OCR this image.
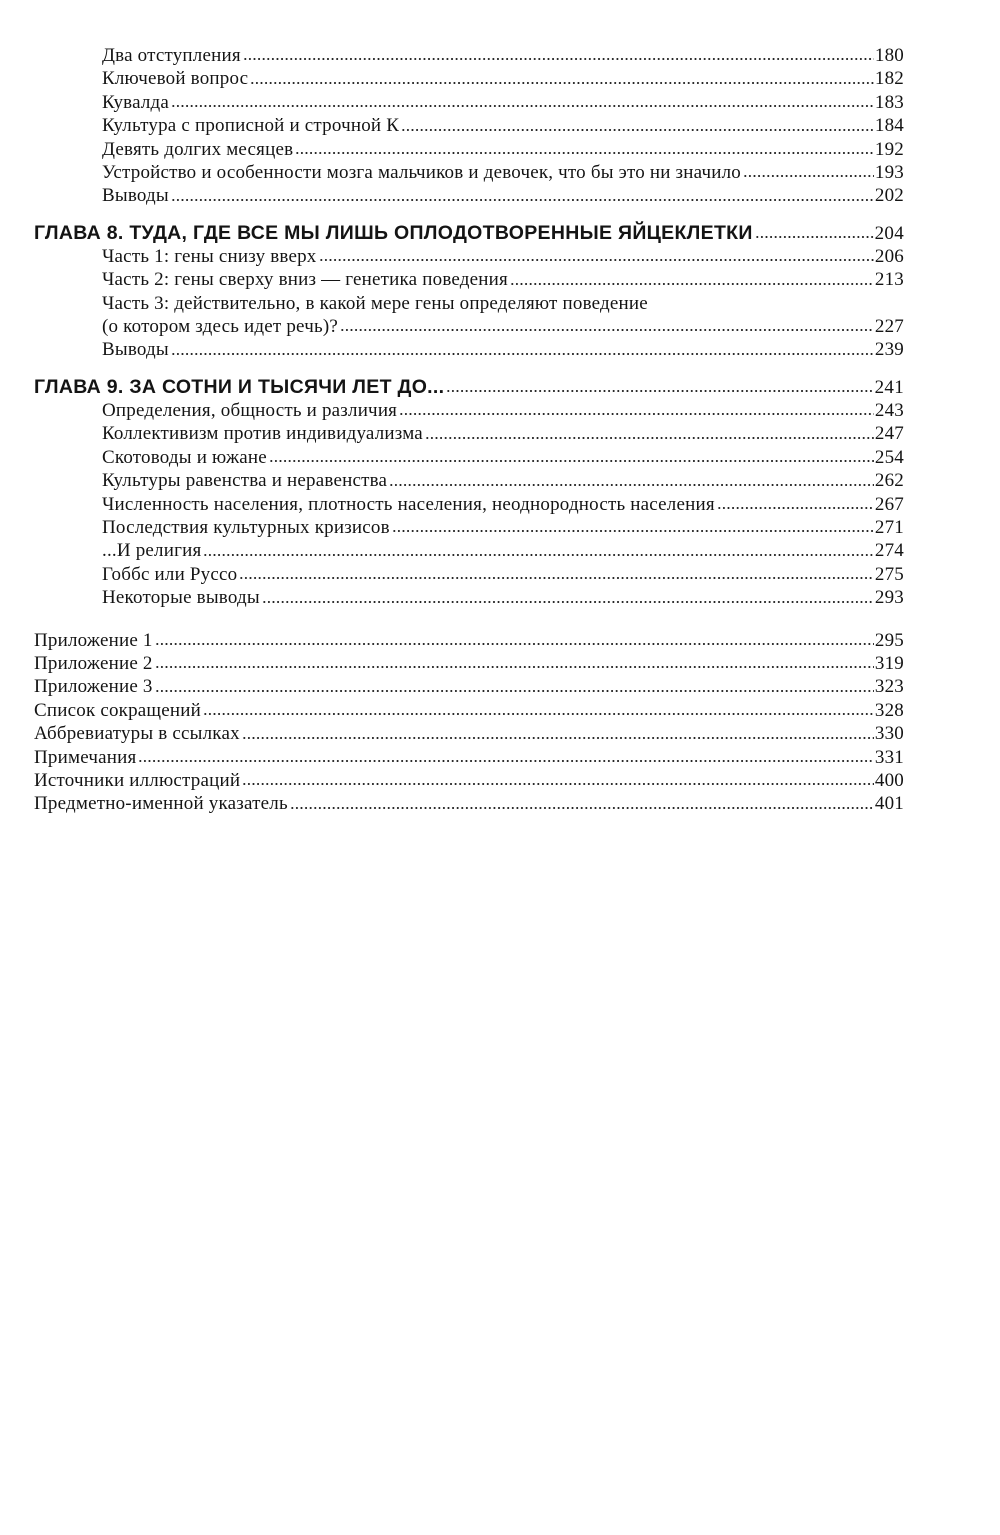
Два отступления	180
Ключевой вопрос	182
Кувалда	183
Культура с прописной и строчной К	184
Девять долгих месяцев	192
Устройство и особенности мозга мальчиков и девочек, что бы это ни значило	193
Выводы	202
ГЛАВА 8. ТУДА, ГДЕ ВСЕ МЫ ЛИШЬ ОПЛОДОТВОРЕННЫЕ ЯЙЦЕКЛЕТКИ	204
Часть 1: гены снизу вверх	206
Часть 2: гены сверху вниз — генетика поведения	213
Часть 3: действительно, в какой мере гены определяют поведение
(о котором здесь идет речь)?	227
Выводы	239
ГЛАВА 9. ЗА СОТНИ И ТЫСЯЧИ ЛЕТ ДО...	241
Определения, общность и различия	243
Коллективизм против индивидуализма	247
Скотоводы и южане	254
Культуры равенства и неравенства	262
Численность населения, плотность населения, неоднородность населения	267
Последствия культурных кризисов	271
...И религия	274
Гоббс или Руссо	275
Некоторые выводы	293
Приложение 1	295
Приложение 2	319
Приложение 3	323
Список сокращений	328
Аббревиатуры в ссылках	330
Примечания	331
Источники иллюстраций	400
Предметно-именной указатель	401
